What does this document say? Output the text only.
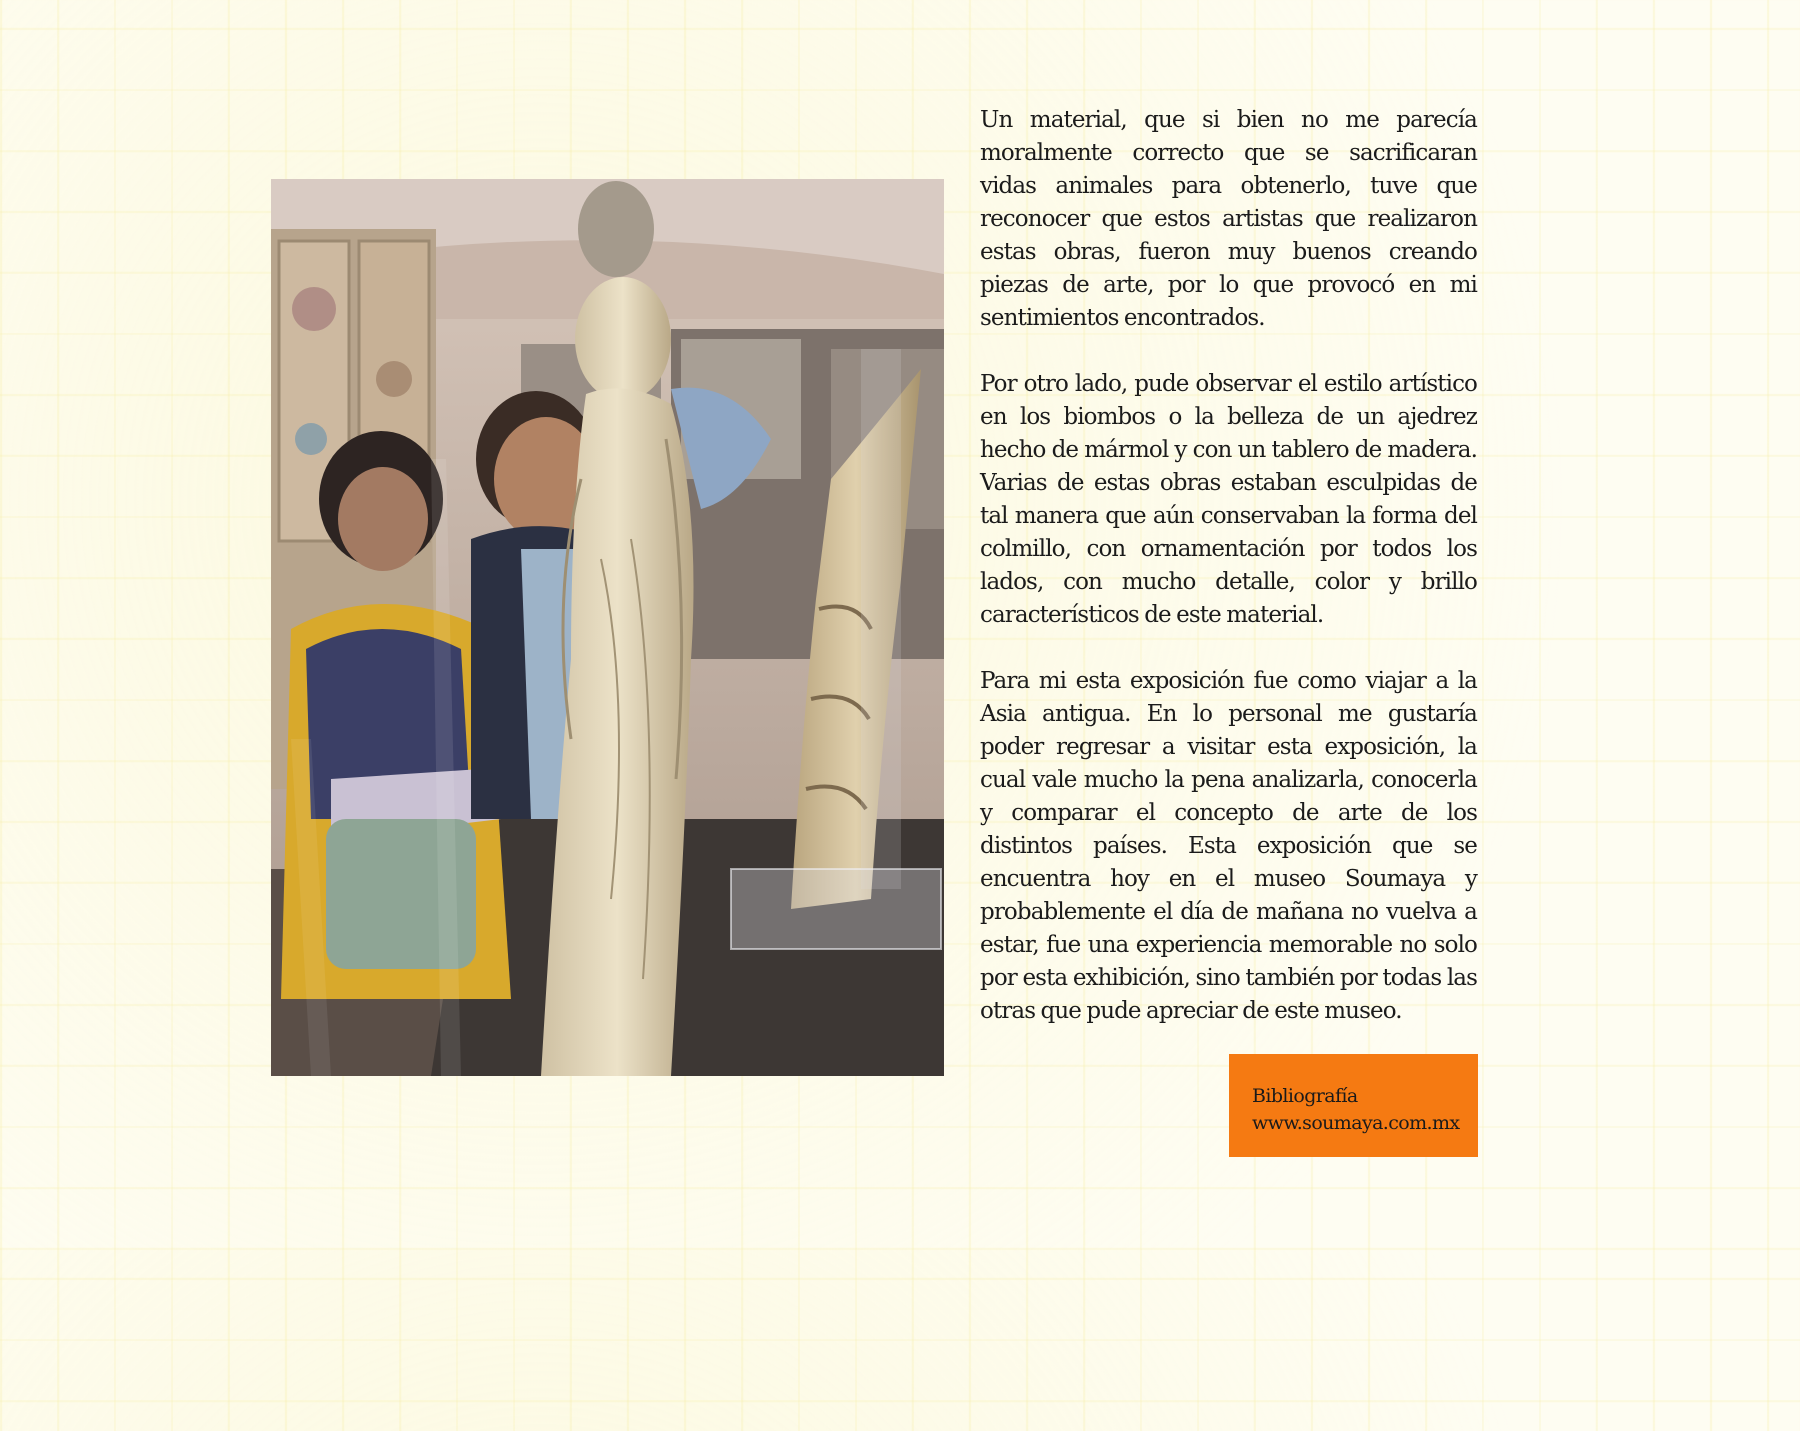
Un material, que si bien no me parecía moralmente correcto que se sacrificaran vidas animales para obtenerlo, tuve que reconocer que estos artistas que realizaron estas obras, fueron muy buenos creando piezas de arte, por lo que provocó en mi sentimientos encontrados.

Por otro lado, pude observar el estilo artístico en los biombos o la belleza de un ajedrez hecho de mármol y con un tablero de madera. Varias de estas obras estaban esculpidas de tal manera que aún conservaban la forma del colmillo, con ornamentación por todos los lados, con mucho detalle, color y brillo característicos de este material.

Para mi esta exposición fue como viajar a la Asia antigua. En lo personal me gustaría poder regresar a visitar esta exposición, la cual vale mucho la pena analizarla, conocerla y comparar el concepto de arte de los distintos países. Esta exposición que se encuentra hoy en el museo Soumaya y probablemente el día de mañana no vuelva a estar, fue una experiencia memorable no solo por esta exhibición, sino también por todas las otras que pude apreciar de este museo.

Bibliografía
www.soumaya.com.mx
